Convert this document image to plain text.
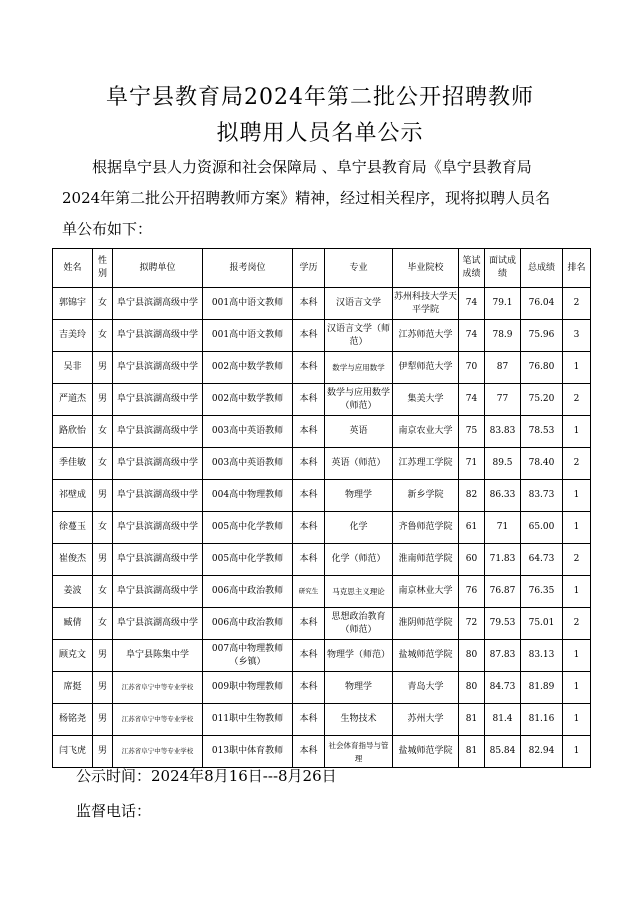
阜宁县教育局2024年第二批公开招聘教师
拟聘用人员名单公示

根据阜宁县人力资源和社会保障局 、阜宁县教育局《阜宁县教育局

2024年第二批公开招聘教师方案》精神，经过相关程序，现将拟聘人员名

单公布如下：

姓名	性别	拟聘单位	报考岗位	学历	专业	毕业院校	笔试成绩	面试成绩	总成绩	排名
郭锦宇	女	阜宁县滨湖高级中学	001高中语文教师	本科	汉语言文学	苏州科技大学天平学院	74	79.1	76.04	2
吉美玲	女	阜宁县滨湖高级中学	001高中语文教师	本科	汉语言文学（师范）	江苏师范大学	74	78.9	75.96	3
吴非	男	阜宁县滨湖高级中学	002高中数学教师	本科	数学与应用数学	伊犁师范大学	70	87	76.80	1
严道杰	男	阜宁县滨湖高级中学	002高中数学教师	本科	数学与应用数学（师范）	集美大学	74	77	75.20	2
路欣怡	女	阜宁县滨湖高级中学	003高中英语教师	本科	英语	南京农业大学	75	83.83	78.53	1
季佳敏	女	阜宁县滨湖高级中学	003高中英语教师	本科	英语（师范）	江苏理工学院	71	89.5	78.40	2
祁壁成	男	阜宁县滨湖高级中学	004高中物理教师	本科	物理学	新乡学院	82	86.33	83.73	1
徐蔓玉	女	阜宁县滨湖高级中学	005高中化学教师	本科	化学	齐鲁师范学院	61	71	65.00	1
崔俊杰	男	阜宁县滨湖高级中学	005高中化学教师	本科	化学（师范）	淮南师范学院	60	71.83	64.73	2
姜波	女	阜宁县滨湖高级中学	006高中政治教师	研究生	马克思主义理论	南京林业大学	76	76.87	76.35	1
臧倩	女	阜宁县滨湖高级中学	006高中政治教师	本科	思想政治教育（师范）	淮阴师范学院	72	79.53	75.01	2
顾克文	男	阜宁县陈集中学	007高中物理教师（乡镇）	本科	物理学（师范）	盐城师范学院	80	87.83	83.13	1
席挺	男	江苏省阜宁中等专业学校	009职中物理教师	本科	物理学	青岛大学	80	84.73	81.89	1
杨铭尧	男	江苏省阜宁中等专业学校	011职中生物教师	本科	生物技术	苏州大学	81	81.4	81.16	1
闫飞虎	男	江苏省阜宁中等专业学校	013职中体育教师	本科	社会体育指导与管理	盐城师范学院	81	85.84	82.94	1
公示时间：2024年8月16日---8月26日
监督电话：
